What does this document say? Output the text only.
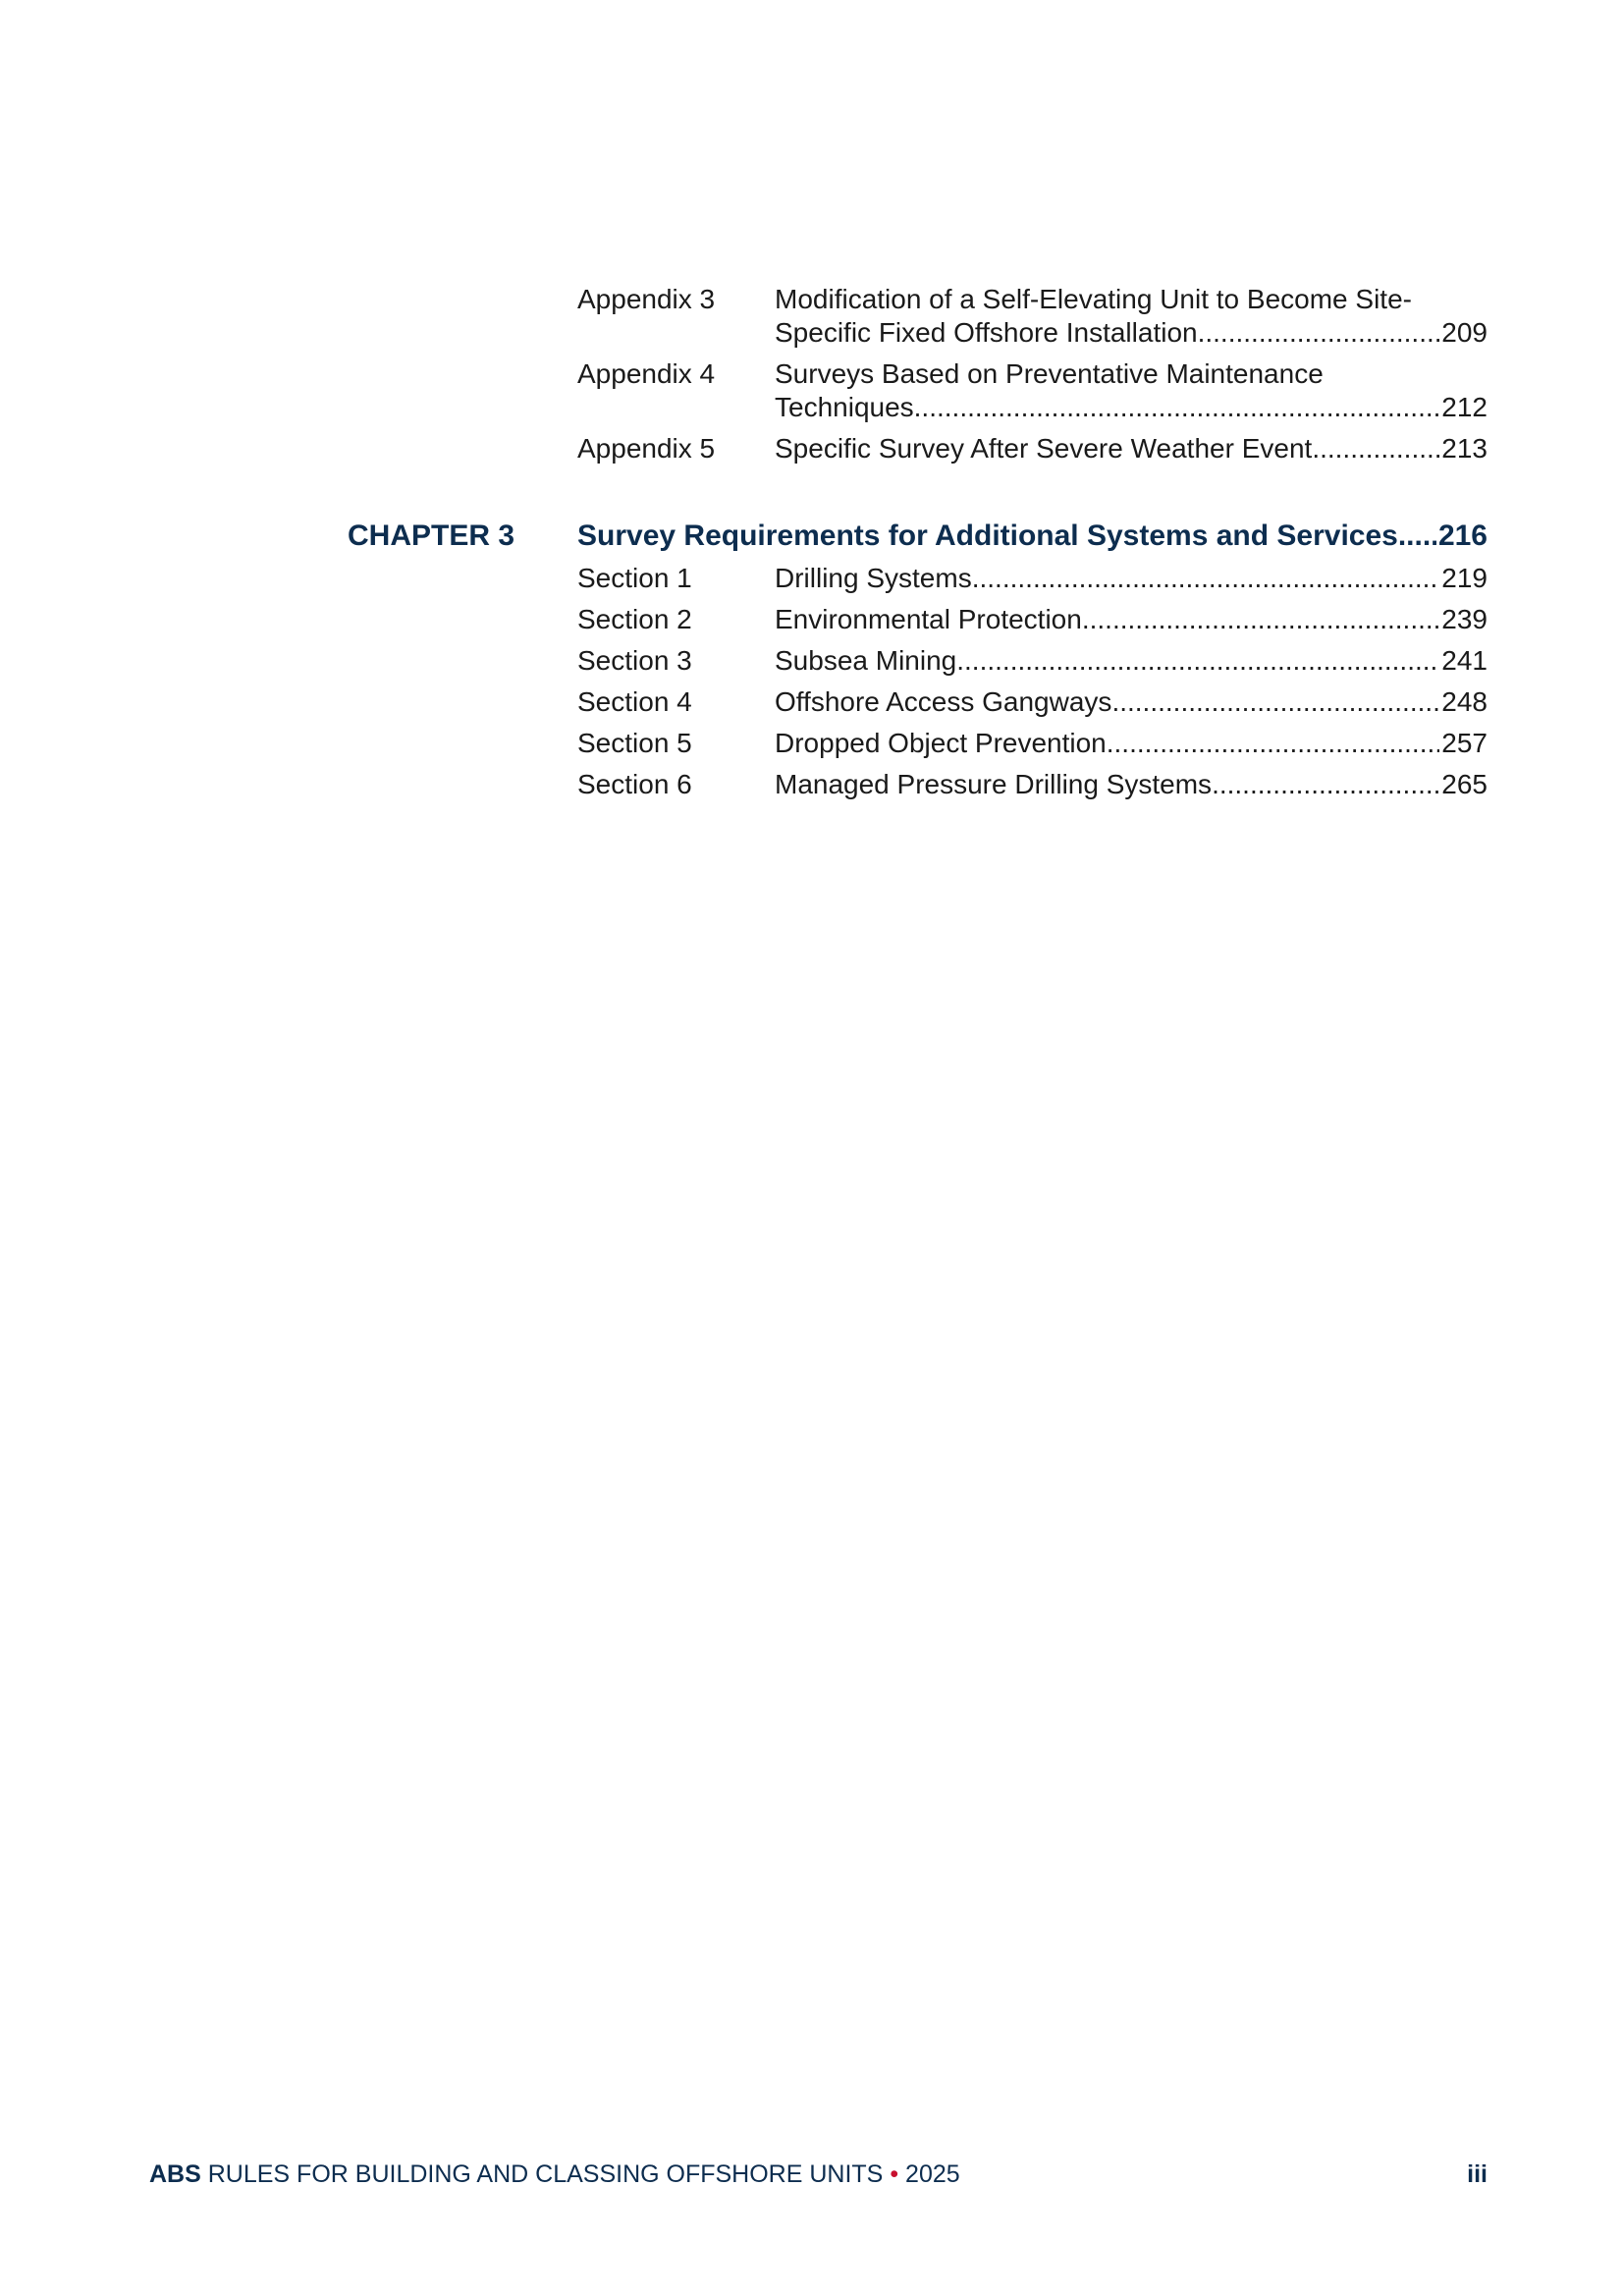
Appendix 3 Modification of a Self-Elevating Unit to Become Site-
Specific Fixed Offshore Installation .....	209
Appendix 4 Surveys Based on Preventative Maintenance
Techniques .....	212
Appendix 5 Specific Survey After Severe Weather Event .....	213
CHAPTER 3 Survey Requirements for Additional Systems and Services ..... 216
Section 1	Drilling Systems .....	219
Section 2	Environmental Protection .....	239
Section 3	Subsea Mining .....	241
Section 4	Offshore Access Gangways .....	248
Section 5	Dropped Object Prevention .....	257
Section 6	Managed Pressure Drilling Systems .....	265
ABS RULES FOR BUILDING AND CLASSING OFFSHORE UNITS • 2025	iii
